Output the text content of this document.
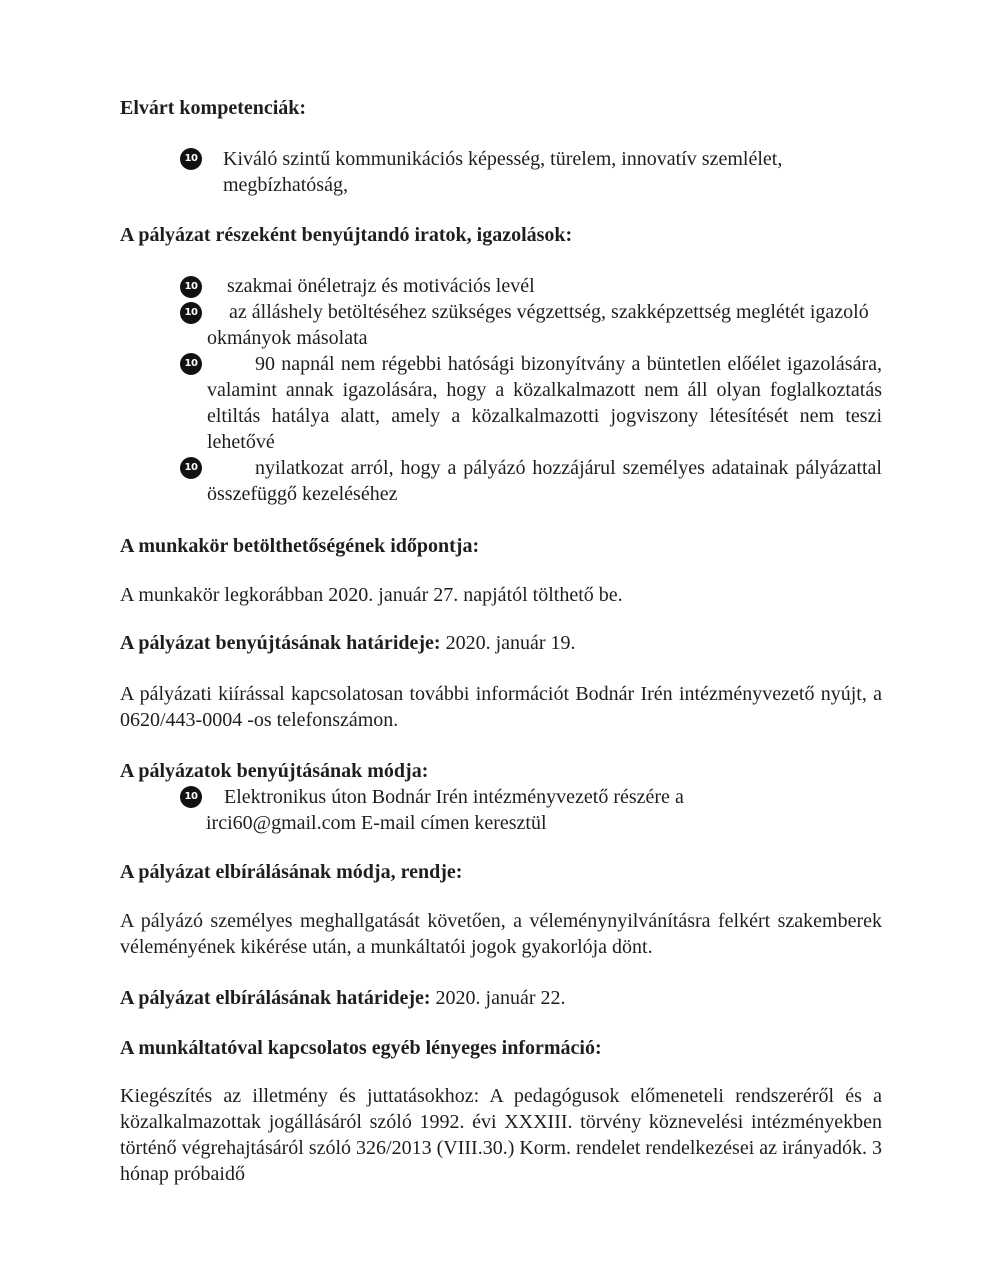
Elvárt kompetenciák:
10 Kiváló szintű kommunikációs képesség, türelem, innovatív szemlélet, megbízhatóság,
A pályázat részeként benyújtandó iratok, igazolások:
10 szakmai önéletrajz és motivációs levél
10	az álláshely betöltéséhez szükséges végzettség, szakképzettség meglétét igazoló okmányok másolata
10	90 napnál nem régebbi hatósági bizonyítvány a büntetlen előélet igazolására, valamint annak igazolására, hogy a közalkalmazott nem áll olyan foglalkoztatás eltiltás hatálya alatt, amely a közalkalmazotti jogviszony létesítését nem teszi lehetővé
10	nyilatkozat arról, hogy a pályázó hozzájárul személyes adatainak pályázattal összefüggő kezeléséhez
A munkakör betölthetőségének időpontja:
A munkakör legkorábban 2020. január 27. napjától tölthető be.
A pályázat benyújtásának határideje: 2020. január 19.
A pályázati kiírással kapcsolatosan további információt Bodnár Irén intézményvezető nyújt, a 0620/443-0004 -os telefonszámon.
A pályázatok benyújtásának módja:
10	Elektronikus úton Bodnár Irén intézményvezető részére a irci60@gmail.com E-mail címen keresztül
A pályázat elbírálásának módja, rendje:
A pályázó személyes meghallgatását követően, a véleménynyilvánításra felkért szakemberek véleményének kikérése után, a munkáltatói jogok gyakorlója dönt.
A pályázat elbírálásának határideje: 2020. január 22.
A munkáltatóval kapcsolatos egyéb lényeges információ:
Kiegészítés az illetmény és juttatásokhoz: A pedagógusok előmeneteli rendszeréről és a közalkalmazottak jogállásáról szóló 1992. évi XXXIII. törvény köznevelési intézményekben történő végrehajtásáról szóló 326/2013 (VIII.30.) Korm. rendelet rendelkezései az irányadók. 3 hónap próbaidő
